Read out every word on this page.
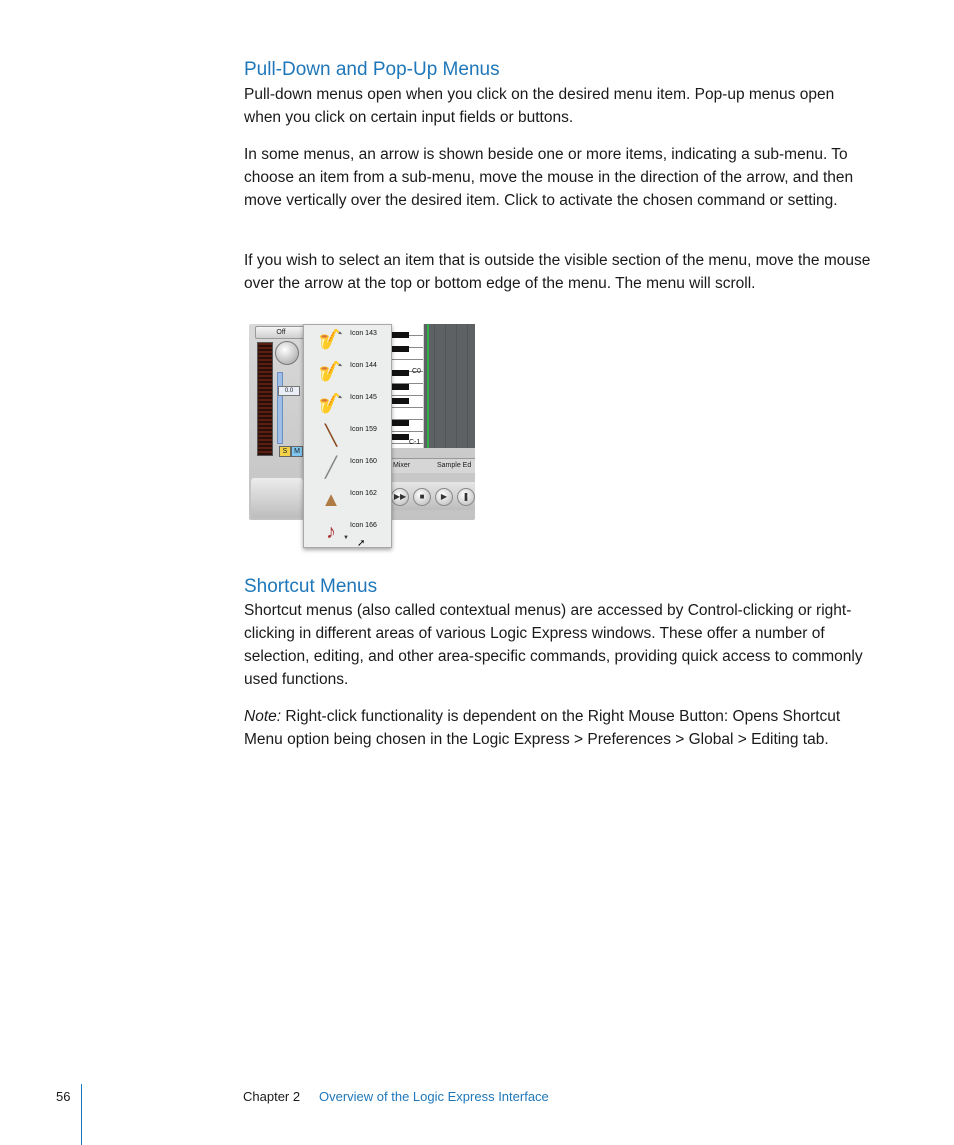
Pull-Down and Pop-Up Menus

Pull-down menus open when you click on the desired menu item. Pop-up menus open when you click on certain input fields or buttons.

In some menus, an arrow is shown beside one or more items, indicating a sub-menu. To choose an item from a sub-menu, move the mouse in the direction of the arrow, and then move vertically over the desired item. Click to activate the chosen command or setting.

If you wish to select an item that is outside the visible section of the menu, move the mouse over the arrow at the top or bottom edge of the menu. The menu will scroll.

Off
0.0
S M
C0
C-1
Mixer	Sample Ed
▶▶	■	▶	❚
🎷 Icon 143
🎷 Icon 144
🎷 Icon 145
╲	Icon 159
╱	Icon 160
▲	Icon 162
♪	Icon 166
▼ ➚
Shortcut Menus

Shortcut menus (also called contextual menus) are accessed by Control-clicking or right-clicking in different areas of various Logic Express windows. These offer a number of selection, editing, and other area-specific commands, providing quick access to commonly used functions.

Note: Right-click functionality is dependent on the Right Mouse Button: Opens Shortcut Menu option being chosen in the Logic Express > Preferences > Global > Editing tab.

56	Chapter 2 Overview of the Logic Express Interface
